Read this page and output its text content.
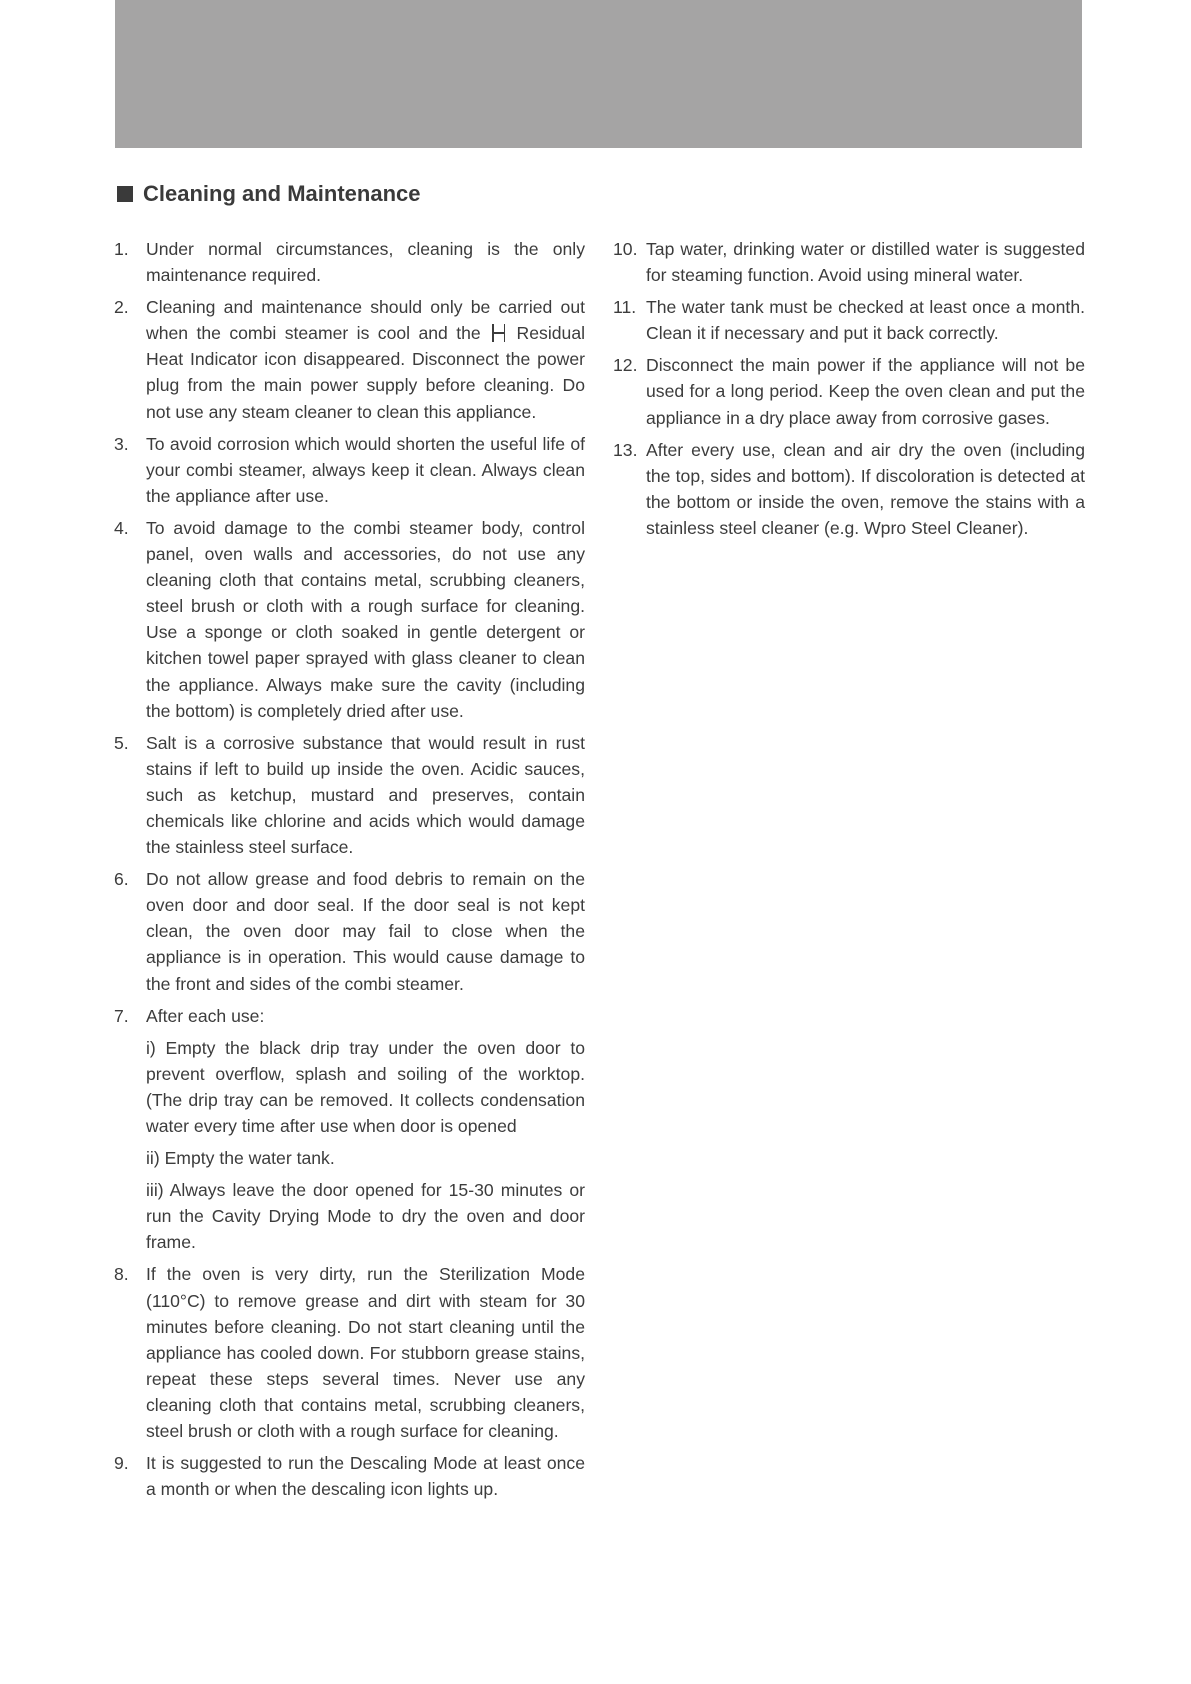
Cleaning and Maintenance
1. Under normal circumstances, cleaning is the only maintenance required.

2. Cleaning and maintenance should only be carried out when the combi steamer is cool and the Residual Heat Indicator icon disappeared. Disconnect the power plug from the main power supply before cleaning. Do not use any steam cleaner to clean this appliance.

3. To avoid corrosion which would shorten the useful life of your combi steamer, always keep it clean. Always clean the appliance after use.

4. To avoid damage to the combi steamer body, control panel, oven walls and accessories, do not use any cleaning cloth that contains metal, scrubbing cleaners, steel brush or cloth with a rough surface for cleaning. Use a sponge or cloth soaked in gentle detergent or kitchen towel paper sprayed with glass cleaner to clean the appliance. Always make sure the cavity (including the bottom) is completely dried after use.

5. Salt is a corrosive substance that would result in rust stains if left to build up inside the oven. Acidic sauces, such as ketchup, mustard and preserves, contain chemicals like chlorine and acids which would damage the stainless steel surface.

6. Do not allow grease and food debris to remain on the oven door and door seal. If the door seal is not kept clean, the oven door may fail to close when the appliance is in operation. This would cause damage to the front and sides of the combi steamer.

7. After each use:

i) Empty the black drip tray under the oven door to prevent overflow, splash and soiling of the worktop. (The drip tray can be removed. It collects condensation water every time after use when door is opened

ii) Empty the water tank.

iii) Always leave the door opened for 15-30 minutes or run the Cavity Drying Mode to dry the oven and door frame.

8. If the oven is very dirty, run the Sterilization Mode (110°C) to remove grease and dirt with steam for 30 minutes before cleaning. Do not start cleaning until the appliance has cooled down. For stubborn grease stains, repeat these steps several times. Never use any cleaning cloth that contains metal, scrubbing cleaners, steel brush or cloth with a rough surface for cleaning.

9. It is suggested to run the Descaling Mode at least once a month or when the descaling icon lights up.

10. Tap water, drinking water or distilled water is suggested for steaming function. Avoid using mineral water.

11. The water tank must be checked at least once a month. Clean it if necessary and put it back correctly.

12. Disconnect the main power if the appliance will not be used for a long period. Keep the oven clean and put the appliance in a dry place away from corrosive gases.

13. After every use, clean and air dry the oven (including the top, sides and bottom). If discoloration is detected at the bottom or inside the oven, remove the stains with a stainless steel cleaner (e.g. Wpro Steel Cleaner).
